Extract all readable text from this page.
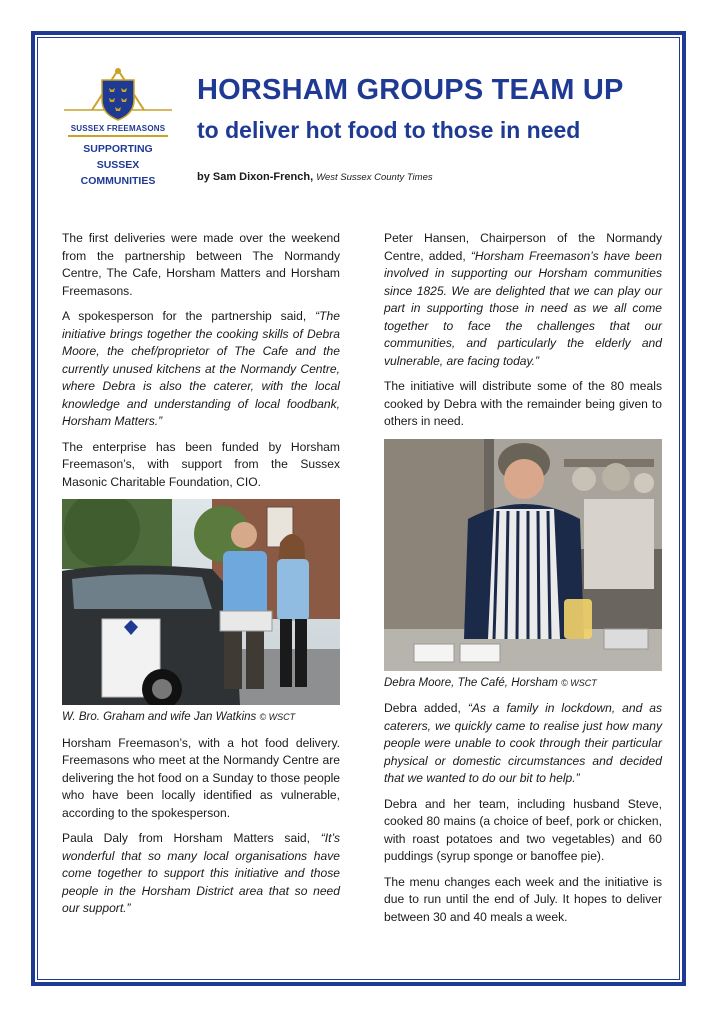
SUSSEX FREEMASONS
SUPPORTING
SUSSEX
COMMUNITIES
HORSHAM GROUPS TEAM UP
to deliver hot food to those in need
by Sam Dixon-French, West Sussex County Times

The first deliveries were made over the weekend from the partnership between The Normandy Centre, The Cafe, Horsham Matters and Horsham Freemasons.

A spokesperson for the partnership said, “The initiative brings together the cooking skills of Debra Moore, the chef/proprietor of The Cafe and the currently unused kitchens at the Normandy Centre, where Debra is also the caterer, with the local knowledge and understanding of local foodbank, Horsham Matters.”

The enterprise has been funded by Horsham Freemason’s, with support from the Sussex Masonic Charitable Foundation, CIO.

W. Bro. Graham and wife Jan Watkins © WSCT

Horsham Freemason’s, with a hot food delivery. Freemasons who meet at the Normandy Centre are delivering the hot food on a Sunday to those people who have been locally identified as vulnerable, according to the spokesperson.

Paula Daly from Horsham Matters said, “It’s wonderful that so many local organisations have come together to support this initiative and those people in the Horsham District area that so need our support.”

Peter Hansen, Chairperson of the Normandy Centre, added, “Horsham Freemason’s have been involved in supporting our Horsham communities since 1825. We are delighted that we can play our part in supporting those in need as we all come together to face the challenges that our communities, and particularly the elderly and vulnerable, are facing today.”

The initiative will distribute some of the 80 meals cooked by Debra with the remainder being given to others in need.

Debra Moore, The Café, Horsham © WSCT

Debra added, “As a family in lockdown, and as caterers, we quickly came to realise just how many people were unable to cook through their particular physical or domestic circumstances and decided that we wanted to do our bit to help.”

Debra and her team, including husband Steve, cooked 80 mains (a choice of beef, pork or chicken, with roast potatoes and two vegetables) and 60 puddings (syrup sponge or banoffee pie).

The menu changes each week and the initiative is due to run until the end of July. It hopes to deliver between 30 and 40 meals a week.
